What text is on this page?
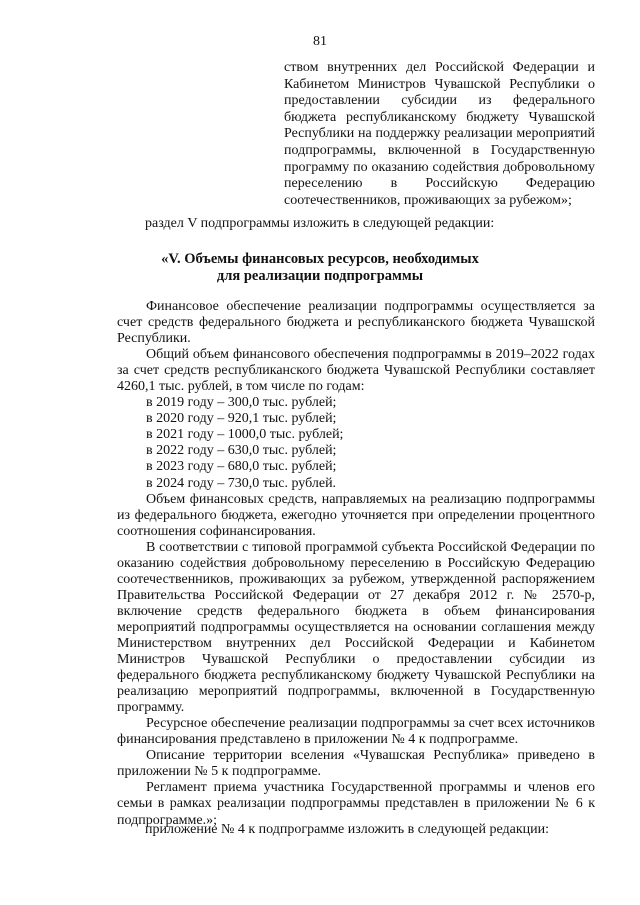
81

ством внутренних дел Российской Федерации и Кабинетом Министров Чувашской Республики о предоставлении субсидии из федерального бюджета республиканскому бюджету Чувашской Республики на поддержку реализации мероприятий подпрограммы, включенной в Государственную программу по оказанию содействия добровольному переселению в Российскую Федерацию соотечественников, проживающих за рубежом»;

раздел V подпрограммы изложить в следующей редакции:
«V. Объемы финансовых ресурсов, необходимых
для реализации подпрограммы

Финансовое обеспечение реализации подпрограммы осуществляется за счет средств федерального бюджета и республиканского бюджета Чувашской Республики.

Общий объем финансового обеспечения подпрограммы в 2019–2022 годах за счет средств республиканского бюджета Чувашской Республики составляет 4260,1 тыс. рублей, в том числе по годам:

в 2019 году – 300,0 тыс. рублей;
в 2020 году – 920,1 тыс. рублей;
в 2021 году – 1000,0 тыс. рублей;
в 2022 году – 630,0 тыс. рублей;
в 2023 году – 680,0 тыс. рублей;
в 2024 году – 730,0 тыс. рублей.

Объем финансовых средств, направляемых на реализацию подпрограммы из федерального бюджета, ежегодно уточняется при определении процентного соотношения софинансирования.

В соответствии с типовой программой субъекта Российской Федерации по оказанию содействия добровольному переселению в Российскую Федерацию соотечественников, проживающих за рубежом, утвержденной распоряжением Правительства Российской Федерации от 27 декабря 2012 г. № 2570-р, включение средств федерального бюджета в объем финансирования мероприятий подпрограммы осуществляется на основании соглашения между Министерством внутренних дел Российской Федерации и Кабинетом Министров Чувашской Республики о предоставлении субсидии из федерального бюджета республиканскому бюджету Чувашской Республики на реализацию мероприятий подпрограммы, включенной в Государственную программу.

Ресурсное обеспечение реализации подпрограммы за счет всех источников финансирования представлено в приложении № 4 к подпрограмме.

Описание территории вселения «Чувашская Республика» приведено в приложении № 5 к подпрограмме.

Регламент приема участника Государственной программы и членов его семьи в рамках реализации подпрограммы представлен в приложении № 6 к подпрограмме.»;

приложение № 4 к подпрограмме изложить в следующей редакции:
